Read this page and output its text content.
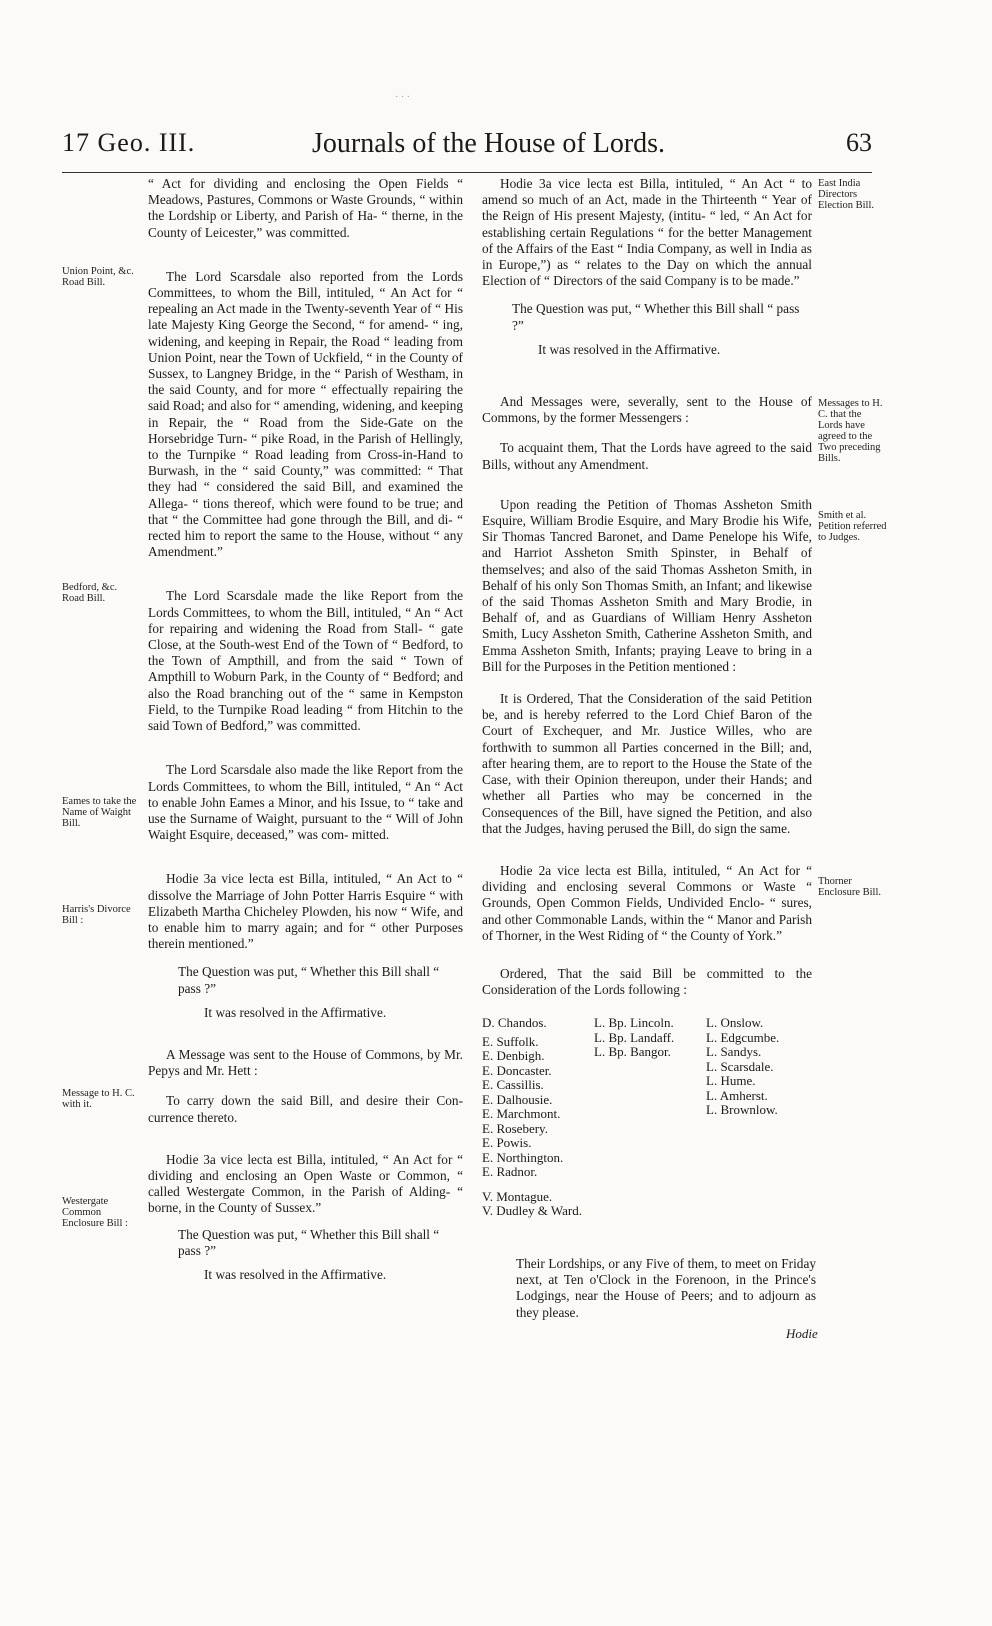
· · ·
17 Geo. III.	Journals of the House of Lords.	63
Union Point, &c. Road Bill.
Bedford, &c. Road Bill.
Eames to take the Name of Waight Bill.
Harris's Divorce Bill :
Message to H. C. with it.
Westergate Common Enclosure Bill :
East India Directors Election Bill.
Messages to H. C. that the Lords have agreed to the Two preceding Bills.
Smith et al. Petition referred to Judges.
Thorner Enclosure Bill.

“ Act for dividing and enclosing the Open Fields “ Meadows, Pastures, Commons or Waste Grounds, “ within the Lordship or Liberty, and Parish of Ha- “ therne, in the County of Leicester,” was committed.

The Lord Scarsdale also reported from the Lords Committees, to whom the Bill, intituled, “ An Act for “ repealing an Act made in the Twenty-seventh Year of “ His late Majesty King George the Second, “ for amend- “ ing, widening, and keeping in Repair, the Road “ leading from Union Point, near the Town of Uckfield, “ in the County of Sussex, to Langney Bridge, in the “ Parish of Westham, in the said County, and for more “ effectually repairing the said Road; and also for “ amending, widening, and keeping in Repair, the “ Road from the Side-Gate on the Horsebridge Turn- “ pike Road, in the Parish of Hellingly, to the Turnpike “ Road leading from Cross-in-Hand to Burwash, in the “ said County,” was committed: “ That they had “ considered the said Bill, and examined the Allega- “ tions thereof, which were found to be true; and that “ the Committee had gone through the Bill, and di- “ rected him to report the same to the House, without “ any Amendment.”

The Lord Scarsdale made the like Report from the Lords Committees, to whom the Bill, intituled, “ An “ Act for repairing and widening the Road from Stall- “ gate Close, at the South-west End of the Town of “ Bedford, to the Town of Ampthill, and from the said “ Town of Ampthill to Woburn Park, in the County of “ Bedford; and also the Road branching out of the “ same in Kempston Field, to the Turnpike Road leading “ from Hitchin to the said Town of Bedford,” was committed.

The Lord Scarsdale also made the like Report from the Lords Committees, to whom the Bill, intituled, “ An “ Act to enable John Eames a Minor, and his Issue, to “ take and use the Surname of Waight, pursuant to the “ Will of John Waight Esquire, deceased,” was com- mitted.

Hodie 3a vice lecta est Billa, intituled, “ An Act to “ dissolve the Marriage of John Potter Harris Esquire “ with Elizabeth Martha Chicheley Plowden, his now “ Wife, and to enable him to marry again; and for “ other Purposes therein mentioned.”

The Question was put, “ Whether this Bill shall “ pass ?”

It was resolved in the Affirmative.

A Message was sent to the House of Commons, by Mr. Pepys and Mr. Hett :

To carry down the said Bill, and desire their Con- currence thereto.

Hodie 3a vice lecta est Billa, intituled, “ An Act for “ dividing and enclosing an Open Waste or Common, “ called Westergate Common, in the Parish of Alding- “ borne, in the County of Sussex.”

The Question was put, “ Whether this Bill shall “ pass ?”

It was resolved in the Affirmative.

Hodie 3a vice lecta est Billa, intituled, “ An Act “ to amend so much of an Act, made in the Thirteenth “ Year of the Reign of His present Majesty, (intitu- “ led, “ An Act for establishing certain Regulations “ for the better Management of the Affairs of the East “ India Company, as well in India as in Europe,”) as “ relates to the Day on which the annual Election of “ Directors of the said Company is to be made.”

The Question was put, “ Whether this Bill shall “ pass ?”

It was resolved in the Affirmative.

And Messages were, severally, sent to the House of Commons, by the former Messengers :

To acquaint them, That the Lords have agreed to the said Bills, without any Amendment.

Upon reading the Petition of Thomas Assheton Smith Esquire, William Brodie Esquire, and Mary Brodie his Wife, Sir Thomas Tancred Baronet, and Dame Penelope his Wife, and Harriot Assheton Smith Spinster, in Behalf of themselves; and also of the said Thomas Assheton Smith, in Behalf of his only Son Thomas Smith, an Infant; and likewise of the said Thomas Assheton Smith and Mary Brodie, in Behalf of, and as Guardians of William Henry Assheton Smith, Lucy Assheton Smith, Catherine Assheton Smith, and Emma Assheton Smith, Infants; praying Leave to bring in a Bill for the Purposes in the Petition mentioned :

It is Ordered, That the Consideration of the said Petition be, and is hereby referred to the Lord Chief Baron of the Court of Exchequer, and Mr. Justice Willes, who are forthwith to summon all Parties concerned in the Bill; and, after hearing them, are to report to the House the State of the Case, with their Opinion thereupon, under their Hands; and whether all Parties who may be concerned in the Consequences of the Bill, have signed the Petition, and also that the Judges, having perused the Bill, do sign the same.

Hodie 2a vice lecta est Billa, intituled, “ An Act for “ dividing and enclosing several Commons or Waste “ Grounds, Open Common Fields, Undivided Enclo- “ sures, and other Commonable Lands, within the “ Manor and Parish of Thorner, in the West Riding of “ the County of York.”

Ordered, That the said Bill be committed to the Consideration of the Lords following :

D. Chandos.
E. Suffolk.
E. Denbigh.
E. Doncaster.
E. Cassillis.
E. Dalhousie.
E. Marchmont.
E. Rosebery.
E. Powis.
E. Northington.
E. Radnor.
V. Montague.
V. Dudley & Ward.
L. Bp. Lincoln.
L. Bp. Landaff.
L. Bp. Bangor.
L. Onslow.
L. Edgcumbe.
L. Sandys.
L. Scarsdale.
L. Hume.
L. Amherst.
L. Brownlow.

Their Lordships, or any Five of them, to meet on Friday next, at Ten o'Clock in the Forenoon, in the Prince's Lodgings, near the House of Peers; and to adjourn as they please.

Hodie
